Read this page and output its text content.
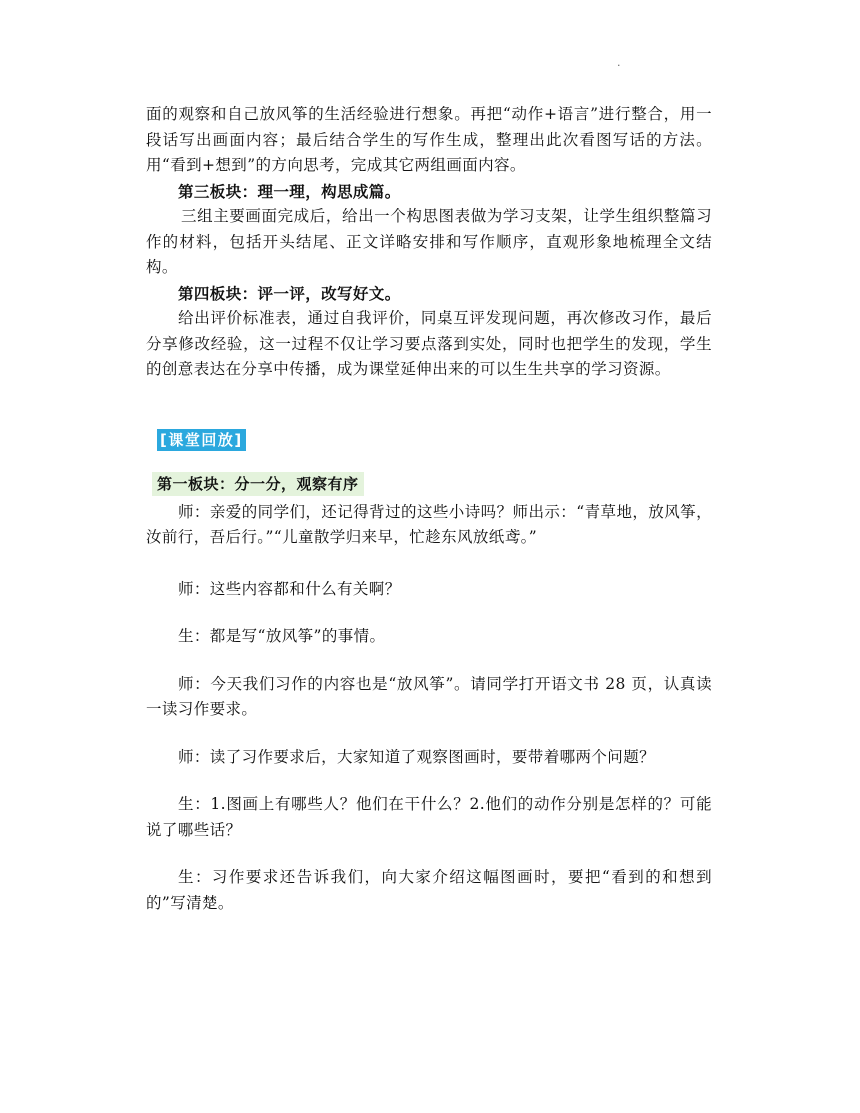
.

面的观察和自己放风筝的生活经验进行想象。再把“动作+语言”进行整合，用一段话写出画面内容；最后结合学生的写作生成，整理出此次看图写话的方法。用“看到+想到”的方向思考，完成其它两组画面内容。

第三板块：理一理，构思成篇。

三组主要画面完成后，给出一个构思图表做为学习支架，让学生组织整篇习作的材料，包括开头结尾、正文详略安排和写作顺序，直观形象地梳理全文结构。

第四板块：评一评，改写好文。

给出评价标准表，通过自我评价，同桌互评发现问题，再次修改习作，最后分享修改经验，这一过程不仅让学习要点落到实处，同时也把学生的发现，学生的创意表达在分享中传播，成为课堂延伸出来的可以生生共享的学习资源。

[课堂回放]
第一板块：分一分，观察有序

师：亲爱的同学们，还记得背过的这些小诗吗？师出示：“青草地，放风筝，汝前行，吾后行。”“儿童散学归来早，忙趁东风放纸鸢。”

师：这些内容都和什么有关啊？

生：都是写“放风筝”的事情。

师：今天我们习作的内容也是“放风筝”。请同学打开语文书 28 页，认真读一读习作要求。

师：读了习作要求后，大家知道了观察图画时，要带着哪两个问题？

生：1.图画上有哪些人？他们在干什么？2.他们的动作分别是怎样的？可能说了哪些话？

生：习作要求还告诉我们，向大家介绍这幅图画时，要把“看到的和想到的”写清楚。
